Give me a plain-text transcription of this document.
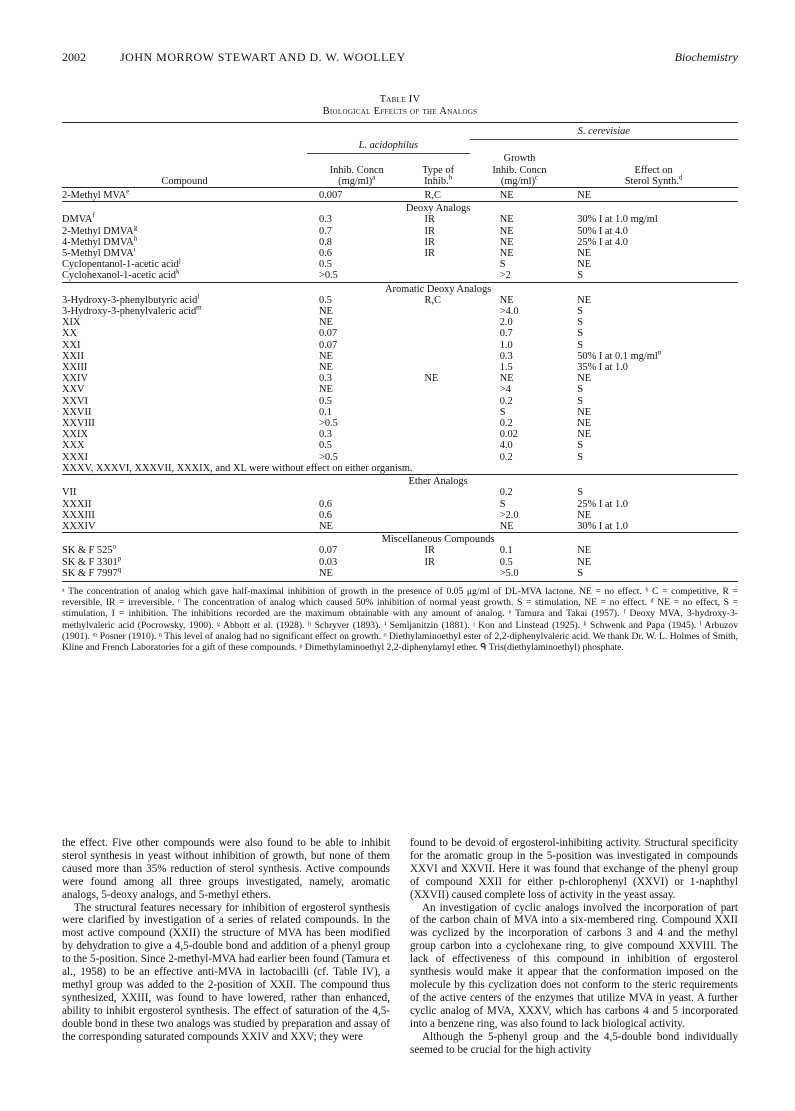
2002	JOHN MORROW STEWART AND D. W. WOOLLEY	Biochemistry
Table IV
Biological Effects of the Analogs
			S. cerevisiae	
	L. acidophilus			
			Growth	
	Inhib. Concn	Type of	Inhib. Concn	Effect on
Compound	$(mg/ml)^a$	Inhib.$^b$	$(mg/ml)^c$	Sterol Synth.$^d$
2-Methyl MVA$^e$	0.007	R,C	NE	NE

	Deoxy Analogs			
DMVA$^f$	0.3	IR	NE	30% I at 1.0 mg/ml
2-Methyl DMVA$^g$	0.7	IR	NE	50% I at 4.0
4-Methyl DMVA$^h$	0.8	IR	NE	25% I at 4.0
5-Methyl DMVA$^i$	0.6	IR	NE	NE
Cyclopentanol-1-acetic acid$^j$	0.5		S	NE
Cyclohexanol-1-acetic acid$^k$	>0.5		>2	S

	Aromatic Deoxy Analogs			
3-Hydroxy-3-phenylbutyric acid$^l$	0.5	R,C	NE	NE
3-Hydroxy-3-phenylvaleric acid$^m$	NE		>4.0	S
XIX	NE		2.0	S
XX	0.07		0.7	S
XXI	0.07		1.0	S
XXII	NE		0.3	50% I at 0.1 $mg/ml^n$
XXIII	NE		1.5	35% I at 1.0
XXIV	0.3	NE	NE	NE
XXV	NE		>4	S
XXVI	0.5		0.2	S
XXVII	0.1		S	NE
XXVIII	>0.5		0.2	NE
XXIX	0.3		0.02	NE
XXX	0.5		4.0	S
XXXI	>0.5		0.2	S
XXXV, XXXVI, XXXVII, XXXIX, and XL were without effect on either organism.				

	Ether Analogs			
VII			0.2	S
XXXII	0.6		S	25% I at 1.0
XXXIII	0.6		>2.0	NE
XXXIV	NE		NE	30% I at 1.0

	Miscellaneous Compounds			
SK & F 525$^o$	0.07	IR	0.1	NE
SK & F 3301$^p$	0.03	IR	0.5	NE
SK & F 7997$^q$	NE		>5.0	S
ᵃ The concentration of analog which gave half-maximal inhibition of growth in the presence of 0.05 μg/ml of DL-MVA lactone. NE = no effect. ᵇ C = competitive, R = reversible, IR = irreversible. ᶜ The concentration of analog which caused 50% inhibition of normal yeast growth. S = stimulation, NE = no effect. ᵈ NE = no effect, S = stimulation, I = inhibition. The inhibitions recorded are the maximum obtainable with any amount of analog. ᵉ Tamura and Takai (1957). ᶠ Deoxy MVA, 3-hydroxy-3-methylvaleric acid (Pocrowsky, 1900). ᵍ Abbott et al. (1928). ʰ Schryver (1893). ⁱ Semljanitzin (1881). ʲ Kon and Linstead (1925). ᵏ Schwenk and Papa (1945). ˡ Arbuzov (1901). ᵐ Posner (1910). ⁿ This level of analog had no significant effect on growth. ᵒ Diethylaminoethyl ester of 2,2-diphenylvaleric acid. We thank Dr. W. L. Holmes of Smith, Kline and French Laboratories for a gift of these compounds. ᵖ Dimethylaminoethyl 2,2-diphenylamyl ether. ᑫ Tris(diethylaminoethyl) phosphate.

the effect. Five other compounds were also found to be able to inhibit sterol synthesis in yeast without inhibition of growth, but none of them caused more than 35% reduction of sterol synthesis. Active compounds were found among all three groups investigated, namely, aromatic analogs, 5-deoxy analogs, and 5-methyl ethers.

The structural features necessary for inhibition of ergosterol synthesis were clarified by investigation of a series of related compounds. In the most active compound (XXII) the structure of MVA has been modified by dehydration to give a 4,5-double bond and addition of a phenyl group to the 5-position. Since 2-methyl-MVA had earlier been found (Tamura et al., 1958) to be an effective anti-MVA in lactobacilli (cf. Table IV), a methyl group was added to the 2-position of XXII. The compound thus synthesized, XXIII, was found to have lowered, rather than enhanced, ability to inhibit ergosterol synthesis. The effect of saturation of the 4,5-double bond in these two analogs was studied by preparation and assay of the corresponding saturated compounds XXIV and XXV; they were

found to be devoid of ergosterol-inhibiting activity. Structural specificity for the aromatic group in the 5-position was investigated in compounds XXVI and XXVII. Here it was found that exchange of the phenyl group of compound XXII for either p-chlorophenyl (XXVI) or 1-naphthyl (XXVII) caused complete loss of activity in the yeast assay.

An investigation of cyclic analogs involved the incorporation of part of the carbon chain of MVA into a six-membered ring. Compound XXII was cyclized by the incorporation of carbons 3 and 4 and the methyl group carbon into a cyclohexane ring, to give compound XXVIII. The lack of effectiveness of this compound in inhibition of ergosterol synthesis would make it appear that the conformation imposed on the molecule by this cyclization does not conform to the steric requirements of the active centers of the enzymes that utilize MVA in yeast. A further cyclic analog of MVA, XXXV, which has carbons 4 and 5 incorporated into a benzene ring, was also found to lack biological activity.

Although the 5-phenyl group and the 4,5-double bond individually seemed to be crucial for the high activity
